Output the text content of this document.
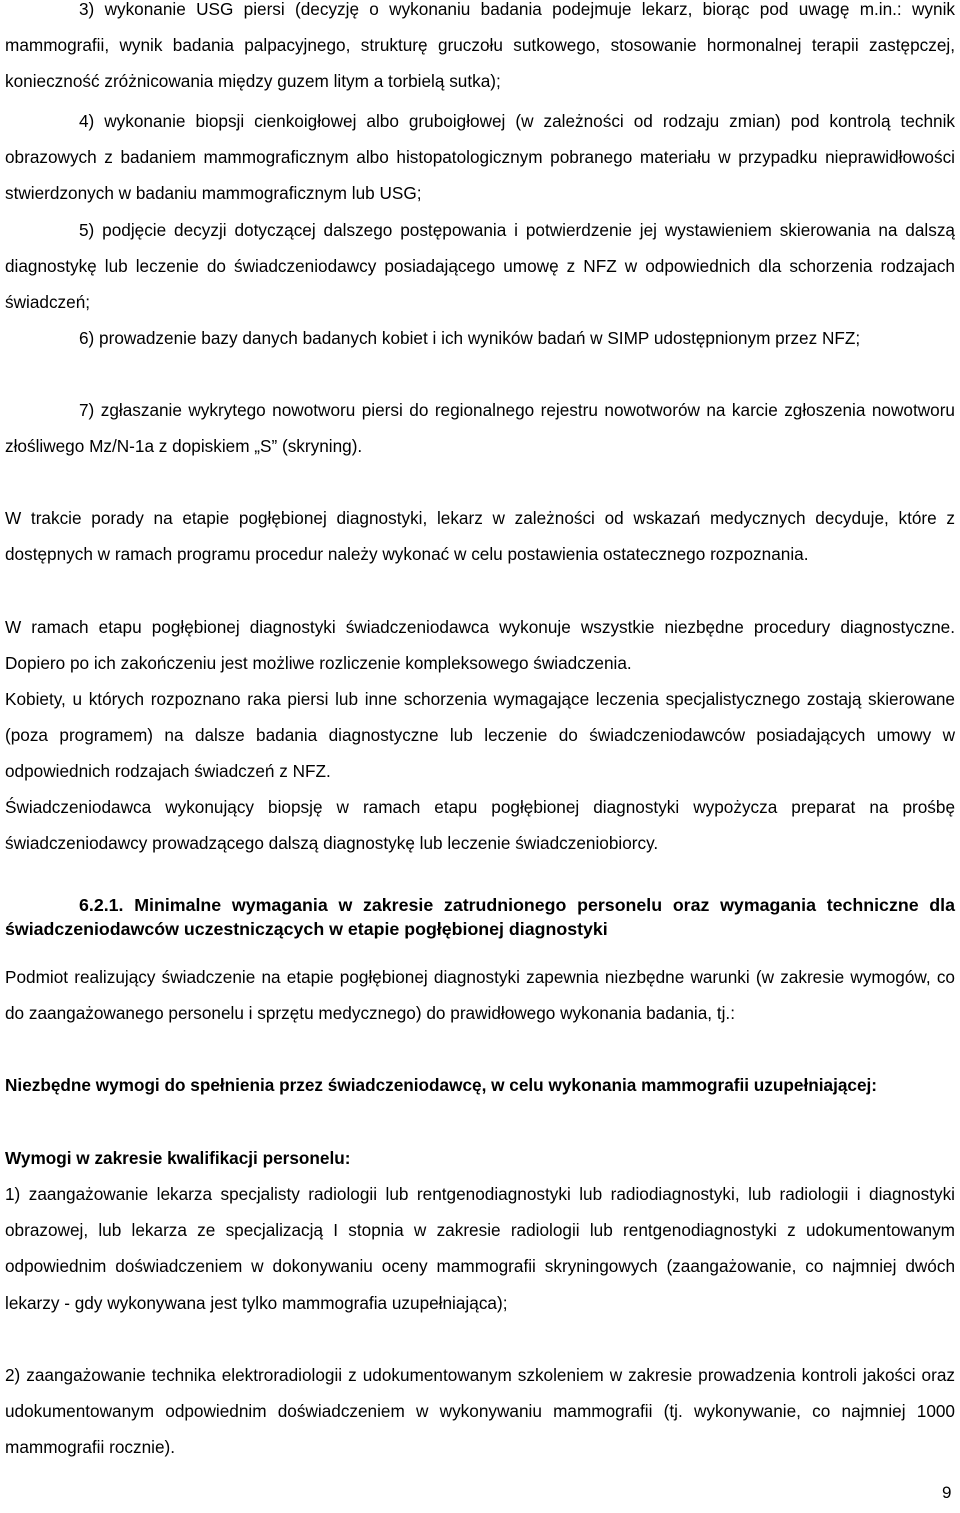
3) wykonanie USG piersi (decyzję o wykonaniu badania podejmuje lekarz, biorąc pod uwagę m.in.: wynik mammografii, wynik badania palpacyjnego, strukturę gruczołu sutkowego, stosowanie hormonalnej terapii zastępczej, konieczność zróżnicowania między guzem litym a torbielą sutka);

4) wykonanie biopsji cienkoigłowej albo gruboigłowej (w zależności od rodzaju zmian) pod kontrolą technik obrazowych z badaniem mammograficznym albo histopatologicznym pobranego materiału w przypadku nieprawidłowości stwierdzonych w badaniu mammograficznym lub USG;

5) podjęcie decyzji dotyczącej dalszego postępowania i potwierdzenie jej wystawieniem skierowania na dalszą diagnostykę lub leczenie do świadczeniodawcy posiadającego umowę z NFZ w odpowiednich dla schorzenia rodzajach świadczeń;

6) prowadzenie bazy danych badanych kobiet i ich wyników badań w SIMP udostępnionym przez NFZ;

7) zgłaszanie wykrytego nowotworu piersi do regionalnego rejestru nowotworów na karcie zgłoszenia nowotworu złośliwego Mz/N-1a z dopiskiem „S” (skryning).

W trakcie porady na etapie pogłębionej diagnostyki, lekarz w zależności od wskazań medycznych decyduje, które z dostępnych w ramach programu procedur należy wykonać w celu postawienia ostatecznego rozpoznania.

W ramach etapu pogłębionej diagnostyki świadczeniodawca wykonuje wszystkie niezbędne procedury diagnostyczne. Dopiero po ich zakończeniu jest możliwe rozliczenie kompleksowego świadczenia.

Kobiety, u których rozpoznano raka piersi lub inne schorzenia wymagające leczenia specjalistycznego zostają skierowane (poza programem) na dalsze badania diagnostyczne lub leczenie do świadczeniodawców posiadających umowy w odpowiednich rodzajach świadczeń z NFZ.

Świadczeniodawca wykonujący biopsję w ramach etapu pogłębionej diagnostyki wypożycza preparat na prośbę świadczeniodawcy prowadzącego dalszą diagnostykę lub leczenie świadczeniobiorcy.

6.2.1. Minimalne wymagania w zakresie zatrudnionego personelu oraz wymagania techniczne dla świadczeniodawców uczestniczących w etapie pogłębionej diagnostyki

Podmiot realizujący świadczenie na etapie pogłębionej diagnostyki zapewnia niezbędne warunki (w zakresie wymogów, co do zaangażowanego personelu i sprzętu medycznego) do prawidłowego wykonania badania, tj.:

Niezbędne wymogi do spełnienia przez świadczeniodawcę, w celu wykonania mammografii uzupełniającej:

Wymogi w zakresie kwalifikacji personelu:

1) zaangażowanie lekarza specjalisty radiologii lub rentgenodiagnostyki lub radiodiagnostyki, lub radiologii i diagnostyki obrazowej, lub lekarza ze specjalizacją I stopnia w zakresie radiologii lub rentgenodiagnostyki z udokumentowanym odpowiednim doświadczeniem w dokonywaniu oceny mammografii skryningowych (zaangażowanie, co najmniej dwóch lekarzy - gdy wykonywana jest tylko mammografia uzupełniająca);

2) zaangażowanie technika elektroradiologii z udokumentowanym szkoleniem w zakresie prowadzenia kontroli jakości oraz udokumentowanym odpowiednim doświadczeniem w wykonywaniu mammografii (tj. wykonywanie, co najmniej 1000 mammografii rocznie).

9
